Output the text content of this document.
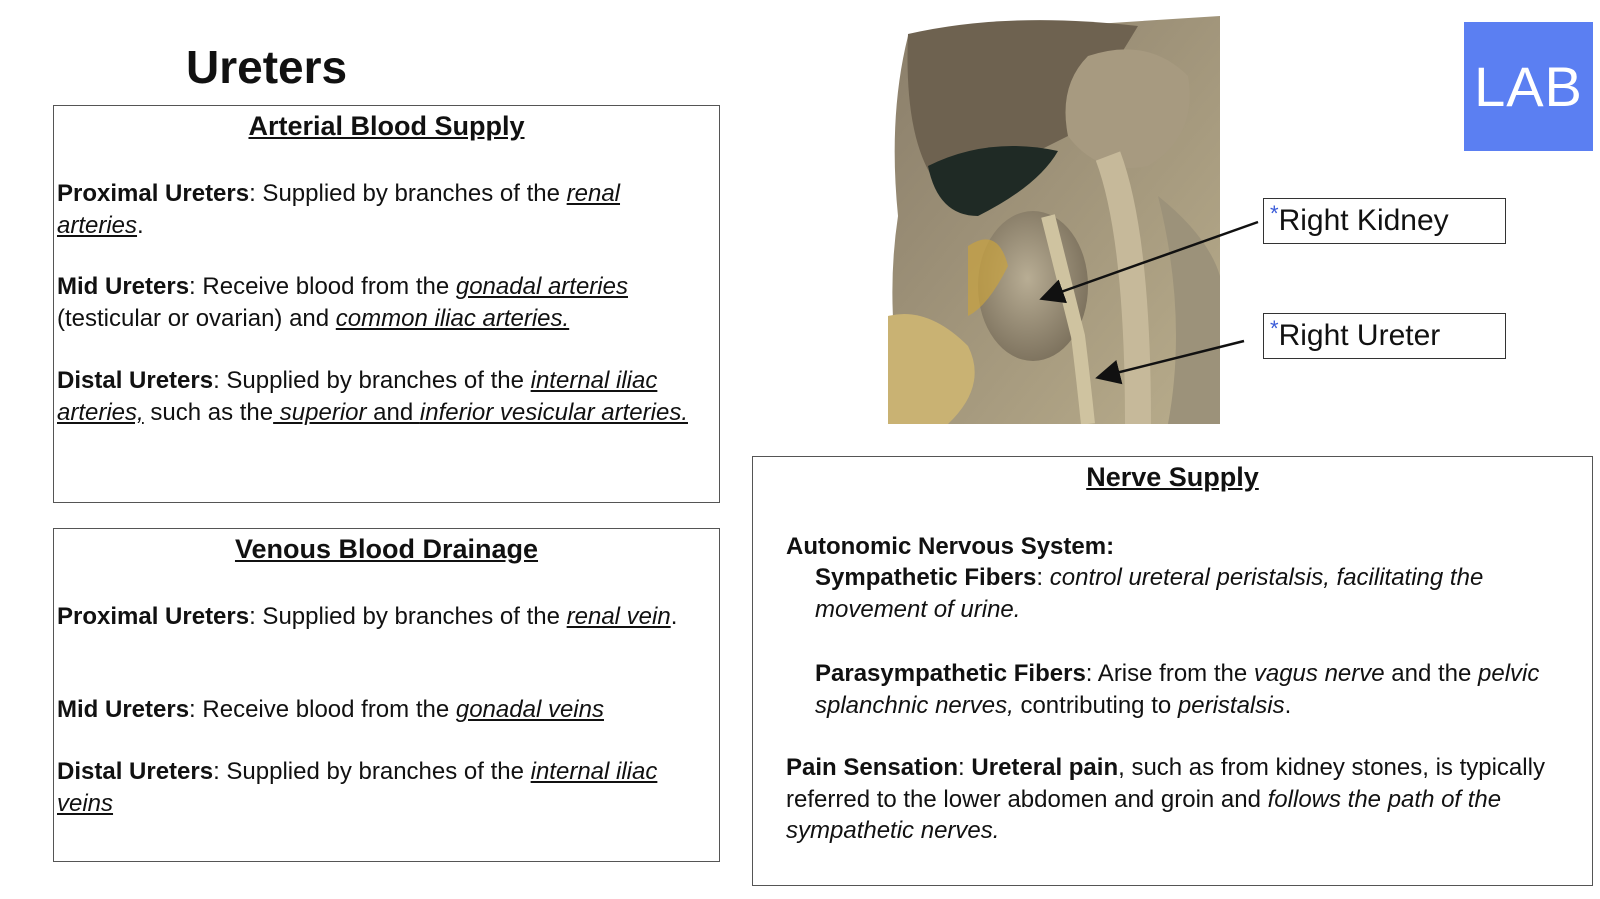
Ureters
Arterial Blood Supply
Proximal Ureters: Supplied by branches of the renal arteries.
Mid Ureters: Receive blood from the gonadal arteries (testicular or ovarian) and common iliac arteries.
Distal Ureters: Supplied by branches of the internal iliac arteries, such as the superior and inferior vesicular arteries.
Venous Blood Drainage
Proximal Ureters: Supplied by branches of the renal vein.
Mid Ureters: Receive blood from the gonadal veins
Distal Ureters: Supplied by branches of the internal iliac veins
Nerve Supply
Autonomic Nervous System:
Sympathetic Fibers: control ureteral peristalsis, facilitating the movement of urine.
Parasympathetic Fibers: Arise from the vagus nerve and the pelvic splanchnic nerves, contributing to peristalsis.
Pain Sensation: Ureteral pain, such as from kidney stones, is typically referred to the lower abdomen and groin and follows the path of the sympathetic nerves.
LAB
*Right Kidney
*Right Ureter
